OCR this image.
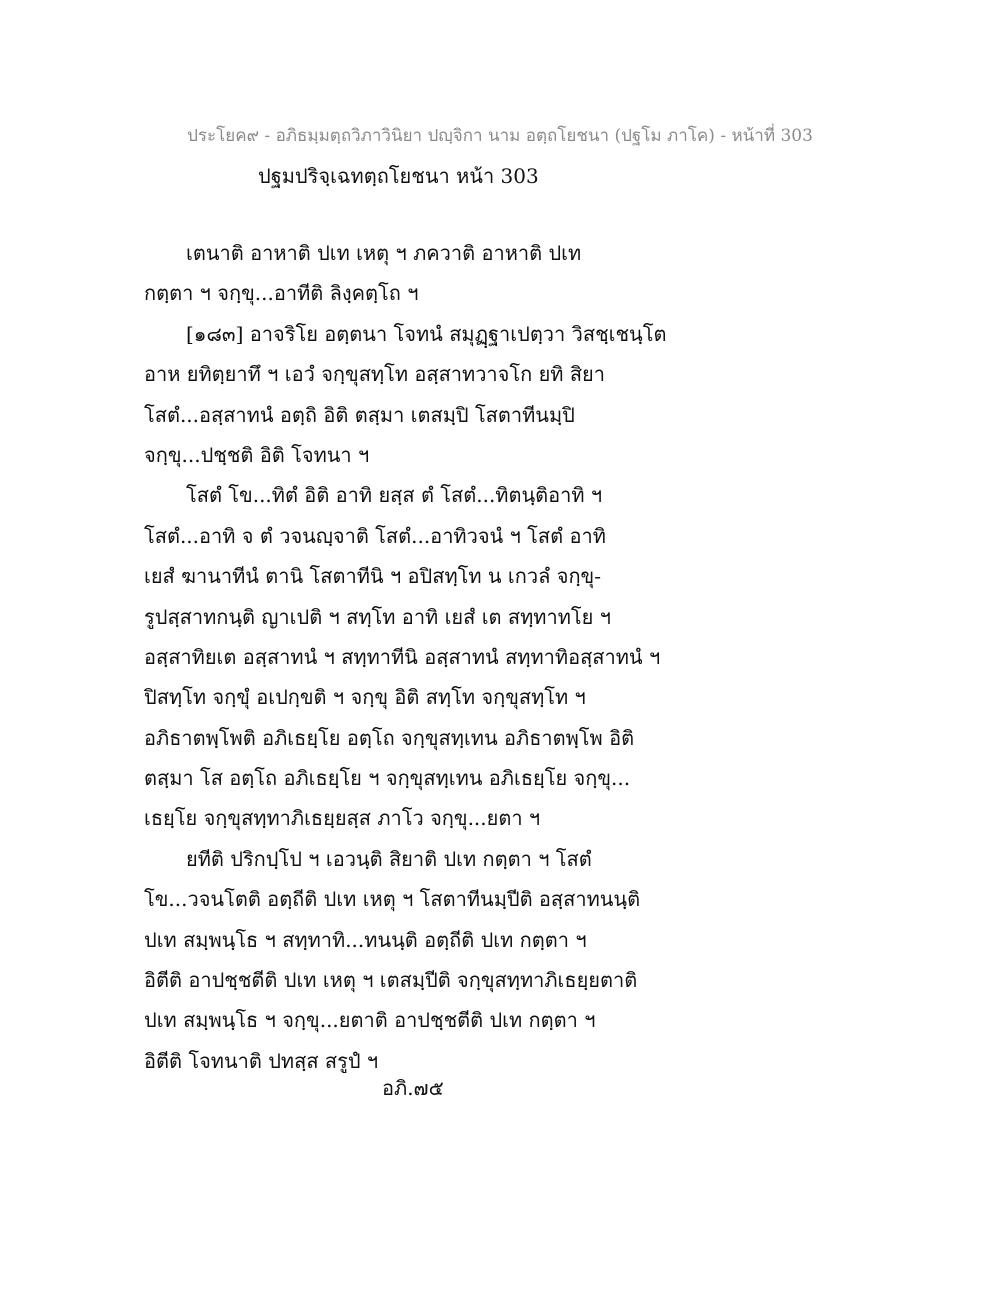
ประโยค๙ - อภิธมฺมตฺถวิภาวินิยา ปญฺจิกา นาม อตฺถโยชนา (ปฐโม ภาโค) - หน้าที่ 303
ปฐมปริจฺเฉทตฺถโยชนา หน้า 303
เตนาติ อาหาติ ปเท เหตุ ฯ ภควาติ อาหาติ ปเท
กตฺตา ฯ จกฺขุ...อาทีติ ลิงฺคตฺโถ ฯ
[๑๘๓] อาจริโย อตฺตนา โจทนํ สมุฏฺฐาเปตฺวา วิสชฺเชนฺโต
อาห ยทิตฺยาทึ ฯ เอวํ จกฺขุสทฺโท อสฺสาทวาจโก ยทิ สิยา
โสตํ...อสฺสาทนํ อตฺถิ อิติ ตสฺมา เตสมฺปิ โสตาทีนมฺปิ
จกฺขุ...ปชฺชติ อิติ โจทนา ฯ
โสตํ โข...ทิตํ อิติ อาทิ ยสฺส ตํ โสตํ...ทิตนฺติอาทิ ฯ
โสตํ...อาทิ จ ตํ วจนญฺจาติ โสตํ...อาทิวจนํ ฯ โสตํ อาทิ
เยสํ ฆานาทีนํ ตานิ โสตาทีนิ ฯ อปิสทฺโท น เกวลํ จกฺขุ-
รูปสฺสาทกนฺติ ญาเปติ ฯ สทฺโท อาทิ เยสํ เต สทฺทาทโย ฯ
อสฺสาทิยเต อสฺสาทนํ ฯ สทฺทาทีนิ อสฺสาทนํ สทฺทาทิอสฺสาทนํ ฯ
ปิสทฺโท จกฺขุํ อเปกฺขติ ฯ จกฺขุ อิติ สทฺโท จกฺขุสทฺโท ฯ
อภิธาตพฺโพติ อภิเธยฺโย อตฺโถ จกฺขุสทฺเทน อภิธาตพฺโพ อิติ
ตสฺมา โส อตฺโถ อภิเธยฺโย ฯ จกฺขุสทฺเทน อภิเธยฺโย จกฺขุ...
เธยฺโย จกฺขุสทฺทาภิเธยฺยสฺส ภาโว จกฺขุ...ยตา ฯ
ยทีติ ปริกปฺโป ฯ เอวนฺติ สิยาติ ปเท กตฺตา ฯ โสตํ
โข...วจนโตติ อตฺถีติ ปเท เหตุ ฯ โสตาทีนมฺปีติ อสฺสาทนนฺติ
ปเท สมฺพนฺโธ ฯ สทฺทาทิ...ทนนฺติ อตฺถีติ ปเท กตฺตา ฯ
อิตีติ อาปชฺชตีติ ปเท เหตุ ฯ เตสมฺปีติ จกฺขุสทฺทาภิเธยฺยตาติ
ปเท สมฺพนฺโธ ฯ จกฺขุ...ยตาติ อาปชฺชตีติ ปเท กตฺตา ฯ
อิตีติ โจทนาติ ปทสฺส สรูปํ ฯ
อภิ.๗๕
